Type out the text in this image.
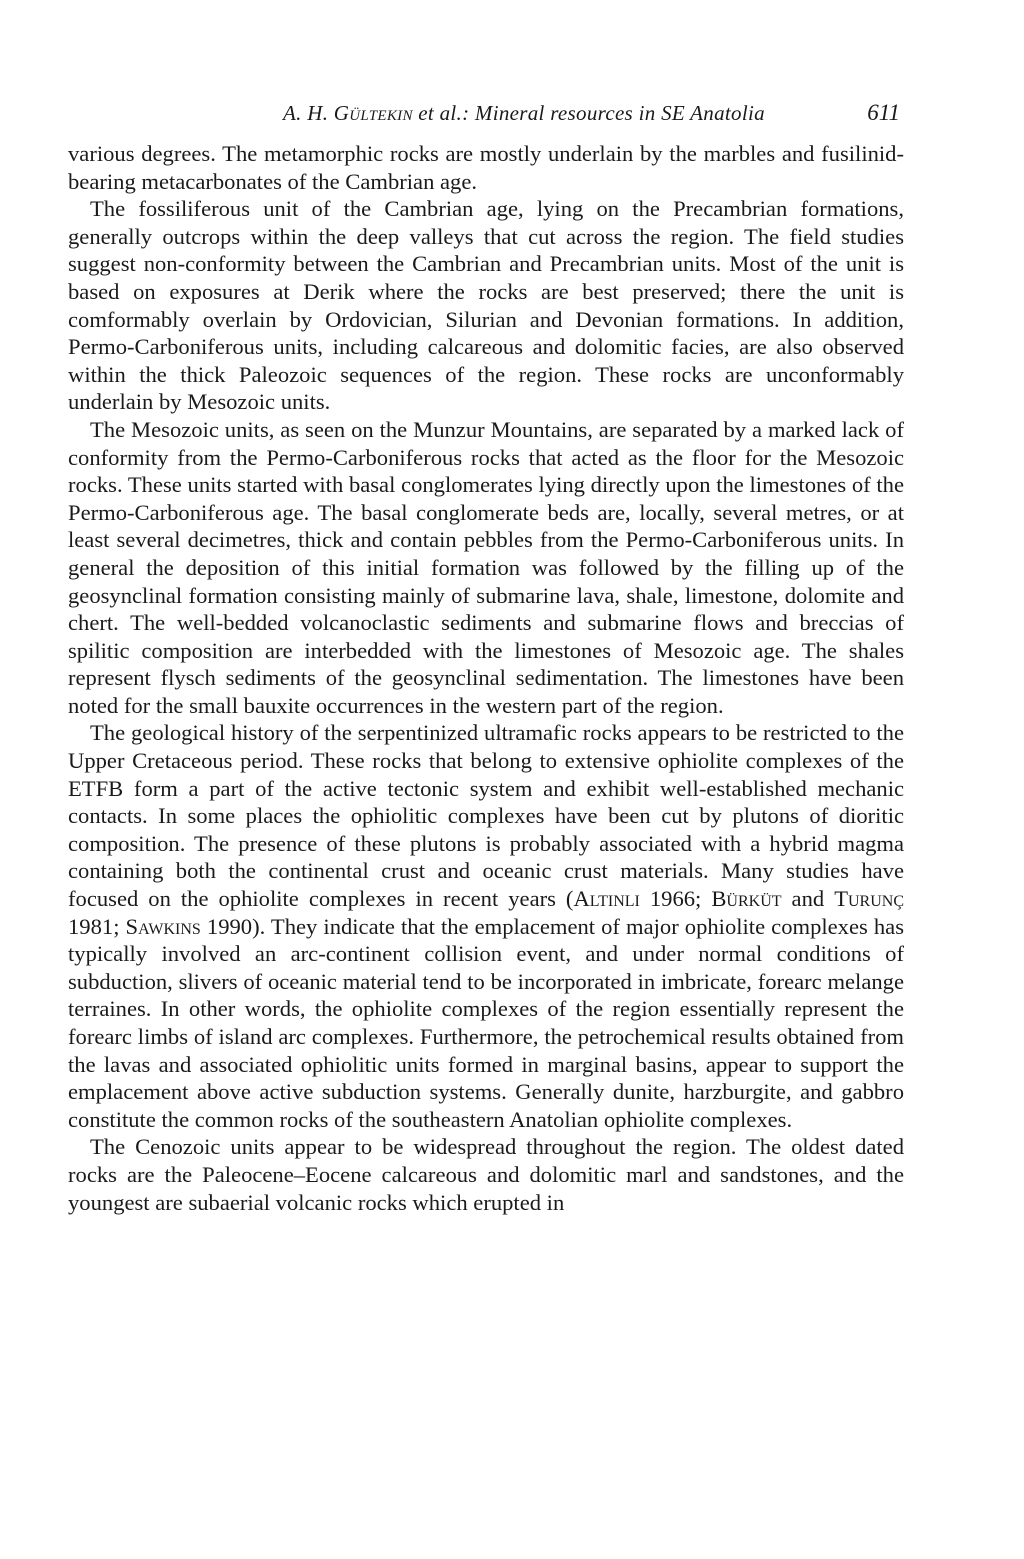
A. H. Gültekin et al.: Mineral resources in SE Anatolia	611

various degrees. The metamorphic rocks are mostly underlain by the marbles and fusilinid-bearing metacarbonates of the Cambrian age.

The fossiliferous unit of the Cambrian age, lying on the Precambrian formations, generally outcrops within the deep valleys that cut across the region. The field studies suggest non-conformity between the Cambrian and Precambrian units. Most of the unit is based on exposures at Derik where the rocks are best preserved; there the unit is comformably overlain by Ordovician, Silurian and Devonian formations. In addition, Permo-Carboniferous units, including calcareous and dolomitic facies, are also observed within the thick Paleozoic sequences of the region. These rocks are unconformably underlain by Mesozoic units.

The Mesozoic units, as seen on the Munzur Mountains, are separated by a marked lack of conformity from the Permo-Carboniferous rocks that acted as the floor for the Mesozoic rocks. These units started with basal conglomerates lying directly upon the limestones of the Permo-Carboniferous age. The basal conglomerate beds are, locally, several metres, or at least several decimetres, thick and contain pebbles from the Permo-Carboniferous units. In general the deposition of this initial formation was followed by the filling up of the geosynclinal formation consisting mainly of submarine lava, shale, limestone, dolomite and chert. The well-bedded volcanoclastic sediments and submarine flows and breccias of spilitic composition are interbedded with the limestones of Mesozoic age. The shales represent flysch sediments of the geosynclinal sedimentation. The limestones have been noted for the small bauxite occurrences in the western part of the region.

The geological history of the serpentinized ultramafic rocks appears to be restricted to the Upper Cretaceous period. These rocks that belong to extensive ophiolite complexes of the ETFB form a part of the active tectonic system and exhibit well-established mechanic contacts. In some places the ophiolitic complexes have been cut by plutons of dioritic composition. The presence of these plutons is probably associated with a hybrid magma containing both the continental crust and oceanic crust materials. Many studies have focused on the ophiolite complexes in recent years (Altinli 1966; Bürküt and Turunç 1981; Sawkins 1990). They indicate that the emplacement of major ophiolite complexes has typically involved an arc-continent collision event, and under normal conditions of subduction, slivers of oceanic material tend to be incorporated in imbricate, forearc melange terraines. In other words, the ophiolite complexes of the region essentially represent the forearc limbs of island arc complexes. Furthermore, the petrochemical results obtained from the lavas and associated ophiolitic units formed in marginal basins, appear to support the emplacement above active subduction systems. Generally dunite, harzburgite, and gabbro constitute the common rocks of the southeastern Anatolian ophiolite complexes.

The Cenozoic units appear to be widespread throughout the region. The oldest dated rocks are the Paleocene–Eocene calcareous and dolomitic marl and sandstones, and the youngest are subaerial volcanic rocks which erupted in
